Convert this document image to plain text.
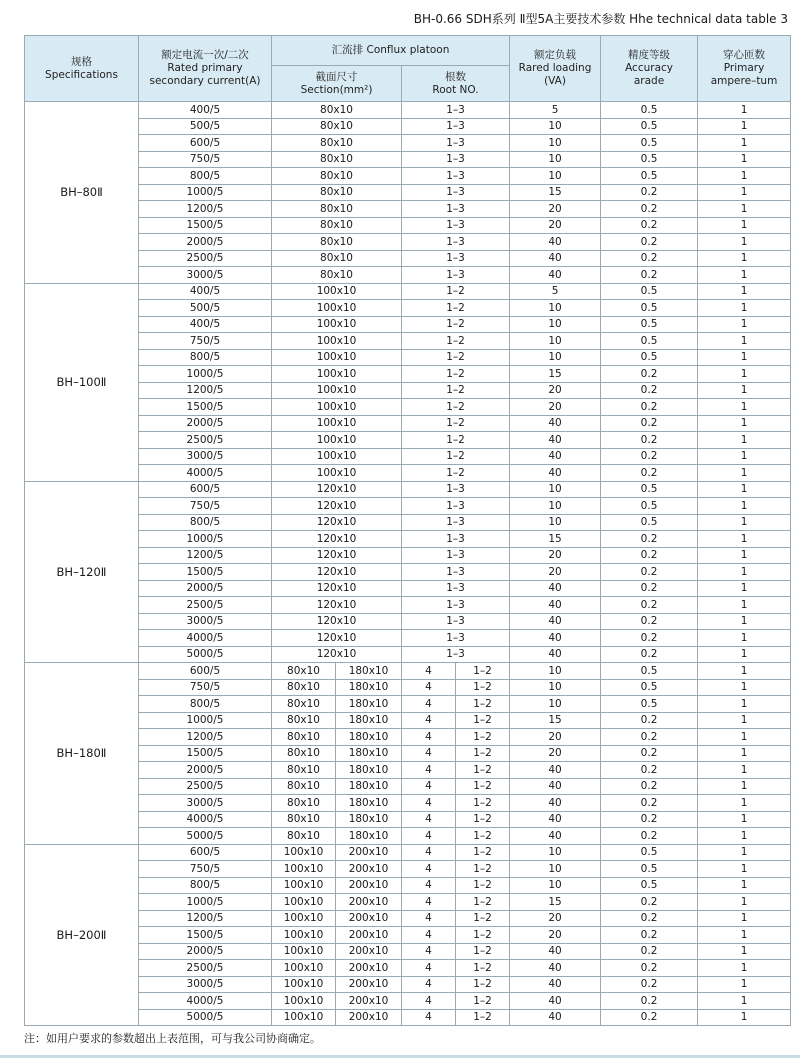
BH-0.66 SDH系列 Ⅱ型5A主要技术参数 Hhe technical data table 3
规格
Specifications	额定电流一次/二次
Rated primary
secondary current(A)	汇流排 Conflux platoon				额定负载
Rared loading
(VA)	精度等级
Accuracy
arade	穿心匝数
Primary
ampere–tum

		截面尺寸
Section(mm²)		根数
Root NO.				

BH–80Ⅱ	400/5	80x10		1–3		5	0.5	1
	500/5	80x10		1–3		10	0.5	1
	600/5	80x10		1–3		10	0.5	1
	750/5	80x10		1–3		10	0.5	1
	800/5	80x10		1–3		10	0.5	1
	1000/5	80x10		1–3		15	0.2	1
	1200/5	80x10		1–3		20	0.2	1
	1500/5	80x10		1–3		20	0.2	1
	2000/5	80x10		1–3		40	0.2	1
	2500/5	80x10		1–3		40	0.2	1
	3000/5	80x10		1–3		40	0.2	1
BH–100Ⅱ	400/5	100x10		1–2		5	0.5	1
	500/5	100x10		1–2		10	0.5	1
	400/5	100x10		1–2		10	0.5	1
	750/5	100x10		1–2		10	0.5	1
	800/5	100x10		1–2		10	0.5	1
	1000/5	100x10		1–2		15	0.2	1
	1200/5	100x10		1–2		20	0.2	1
	1500/5	100x10		1–2		20	0.2	1
	2000/5	100x10		1–2		40	0.2	1
	2500/5	100x10		1–2		40	0.2	1
	3000/5	100x10		1–2		40	0.2	1
	4000/5	100x10		1–2		40	0.2	1
BH–120Ⅱ	600/5	120x10		1–3		10	0.5	1
	750/5	120x10		1–3		10	0.5	1
	800/5	120x10		1–3		10	0.5	1
	1000/5	120x10		1–3		15	0.2	1
	1200/5	120x10		1–3		20	0.2	1
	1500/5	120x10		1–3		20	0.2	1
	2000/5	120x10		1–3		40	0.2	1
	2500/5	120x10		1–3		40	0.2	1
	3000/5	120x10		1–3		40	0.2	1
	4000/5	120x10		1–3		40	0.2	1
	5000/5	120x10		1–3		40	0.2	1
BH–180Ⅱ	600/5	80x10	180x10	4	1–2	10	0.5	1
	750/5	80x10	180x10	4	1–2	10	0.5	1
	800/5	80x10	180x10	4	1–2	10	0.5	1
	1000/5	80x10	180x10	4	1–2	15	0.2	1
	1200/5	80x10	180x10	4	1–2	20	0.2	1
	1500/5	80x10	180x10	4	1–2	20	0.2	1
	2000/5	80x10	180x10	4	1–2	40	0.2	1
	2500/5	80x10	180x10	4	1–2	40	0.2	1
	3000/5	80x10	180x10	4	1–2	40	0.2	1
	4000/5	80x10	180x10	4	1–2	40	0.2	1
	5000/5	80x10	180x10	4	1–2	40	0.2	1
BH–200Ⅱ	600/5	100x10	200x10	4	1–2	10	0.5	1
	750/5	100x10	200x10	4	1–2	10	0.5	1
	800/5	100x10	200x10	4	1–2	10	0.5	1
	1000/5	100x10	200x10	4	1–2	15	0.2	1
	1200/5	100x10	200x10	4	1–2	20	0.2	1
	1500/5	100x10	200x10	4	1–2	20	0.2	1
	2000/5	100x10	200x10	4	1–2	40	0.2	1
	2500/5	100x10	200x10	4	1–2	40	0.2	1
	3000/5	100x10	200x10	4	1–2	40	0.2	1
	4000/5	100x10	200x10	4	1–2	40	0.2	1
	5000/5	100x10	200x10	4	1–2	40	0.2	1
注：如用户要求的参数超出上表范围，可与我公司协商确定。
